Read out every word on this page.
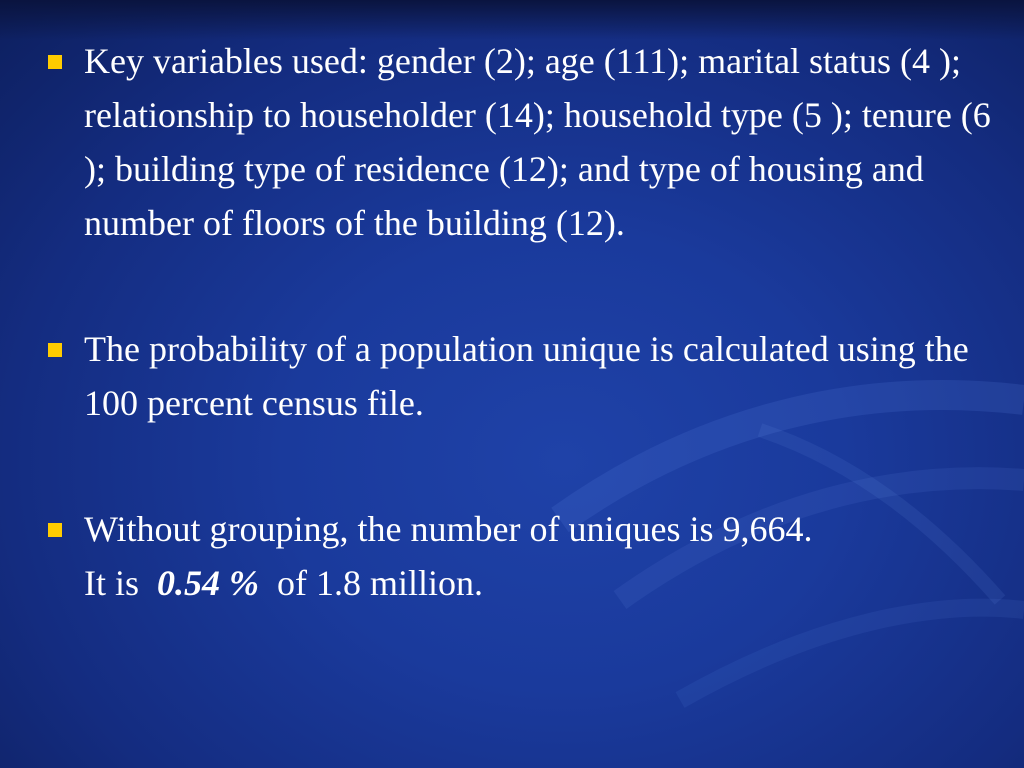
Key variables used: gender (2); age (111); marital status (4 ); relationship to householder (14); household type (5 ); tenure (6 ); building type of residence (12); and type of housing and number of floors of the building (12).
The probability of a population unique is calculated using the 100 percent census file.
Without grouping, the number of uniques is 9,664.
It is 0.54 % of 1.8 million.
